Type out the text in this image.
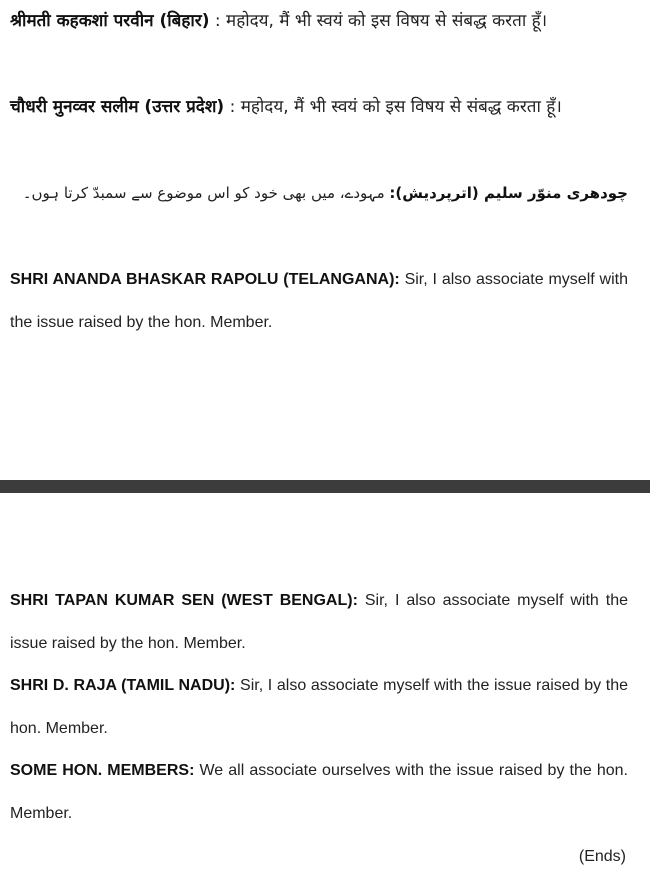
श्रीमती कहकशां परवीन (बिहार) : महोदय, मैं भी स्वयं को इस विषय से संबद्ध करता हूँ।

चौधरी मुनव्वर सलीम (उत्तर प्रदेश) : महोदय, मैं भी स्वयं को इस विषय से संबद्ध करता हूँ।

چودھری منوّر سلیم (اترپردیش): مہودے، میں بھی خود کو اس موضوع سے سمبدّ کرتا ہوں۔

SHRI ANANDA BHASKAR RAPOLU (TELANGANA): Sir, I also associate myself with the issue raised by the hon. Member.

SHRI TAPAN KUMAR SEN (WEST BENGAL): Sir, I also associate myself with the issue raised by the hon. Member.

SHRI D. RAJA (TAMIL NADU): Sir, I also associate myself with the issue raised by the hon. Member.

SOME HON. MEMBERS: We all associate ourselves with the issue raised by the hon. Member.

(Ends)
